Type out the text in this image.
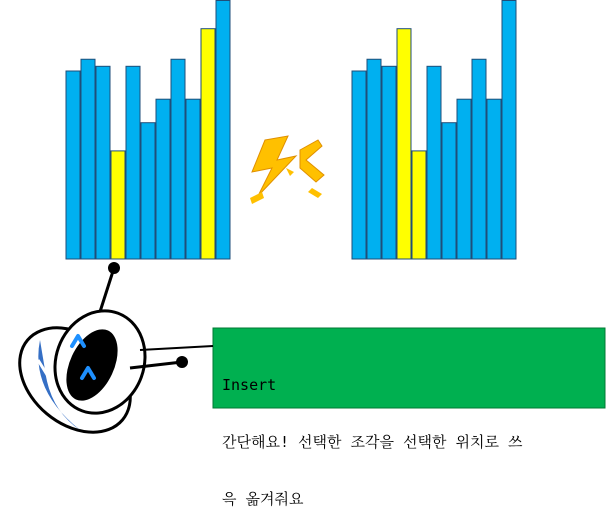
Insert

간단해요! 선택한 조각을 선택한 위치로 쓰

윽 옮겨줘요
